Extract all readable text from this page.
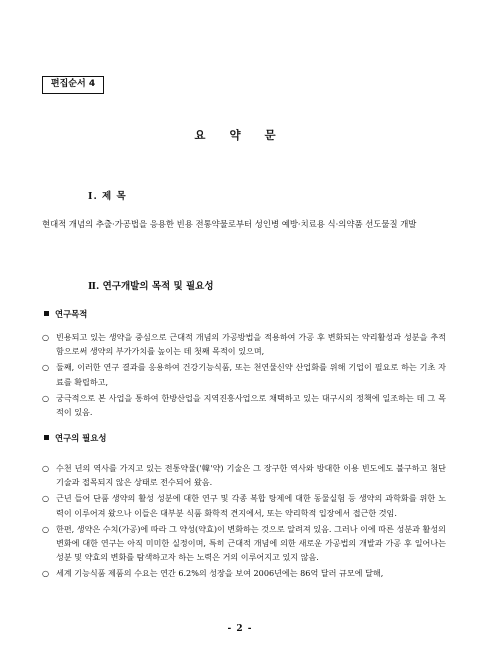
편집순서 4
요 약 문
Ⅰ. 제 목
현대적 개념의 추출·가공법을 응용한 빈용 전통약물로부터 성인병 예방·치료용 식·의약품 선도물질 개발
Ⅱ. 연구개발의 목적 및 필요성
연구목적
○ 빈용되고 있는 생약을 중심으로 근대적 개념의 가공방법을 적용하여 가공 후 변화되는 약리활성과 성분을 추적함으로써 생약의 부가가치를 높이는 데 첫째 목적이 있으며,
○ 둘째, 이러한 연구 결과를 응용하여 건강기능식품, 또는 천연물신약 산업화를 위해 기업이 필요로 하는 기초 자료를 확립하고,
○ 궁극적으로 본 사업을 통하여 한방산업을 지역진흥사업으로 채택하고 있는 대구시의 정책에 일조하는 데 그 목적이 있음.
연구의 필요성
○ 수천 년의 역사를 가지고 있는 전통약물('韓'약) 기술은 그 장구한 역사와 방대한 이용 빈도에도 불구하고 첨단기술과 접목되지 않은 상태로 전수되어 왔음.
○ 근년 들어 단품 생약의 활성 성분에 대한 연구 및 각종 복합 탕제에 대한 동물실험 등 생약의 과학화를 위한 노력이 이루어져 왔으나 이들은 대부분 식품 화학적 견지에서, 또는 약리학적 입장에서 접근한 것임.
○ 한편, 생약은 수치(가공)에 따라 그 약성(약효)이 변화하는 것으로 알려져 있음. 그러나 이에 따른 성분과 활성의 변화에 대한 연구는 아직 미미한 실정이며, 특히 근대적 개념에 의한 새로운 가공법의 개발과 가공 후 일어나는 성분 및 약효의 변화를 탐색하고자 하는 노력은 거의 이루어지고 있지 않음.
○ 세계 기능식품 제품의 수요는 연간 6.2%의 성장을 보여 2006년에는 86억 달러 규모에 달해,
- 2 -
